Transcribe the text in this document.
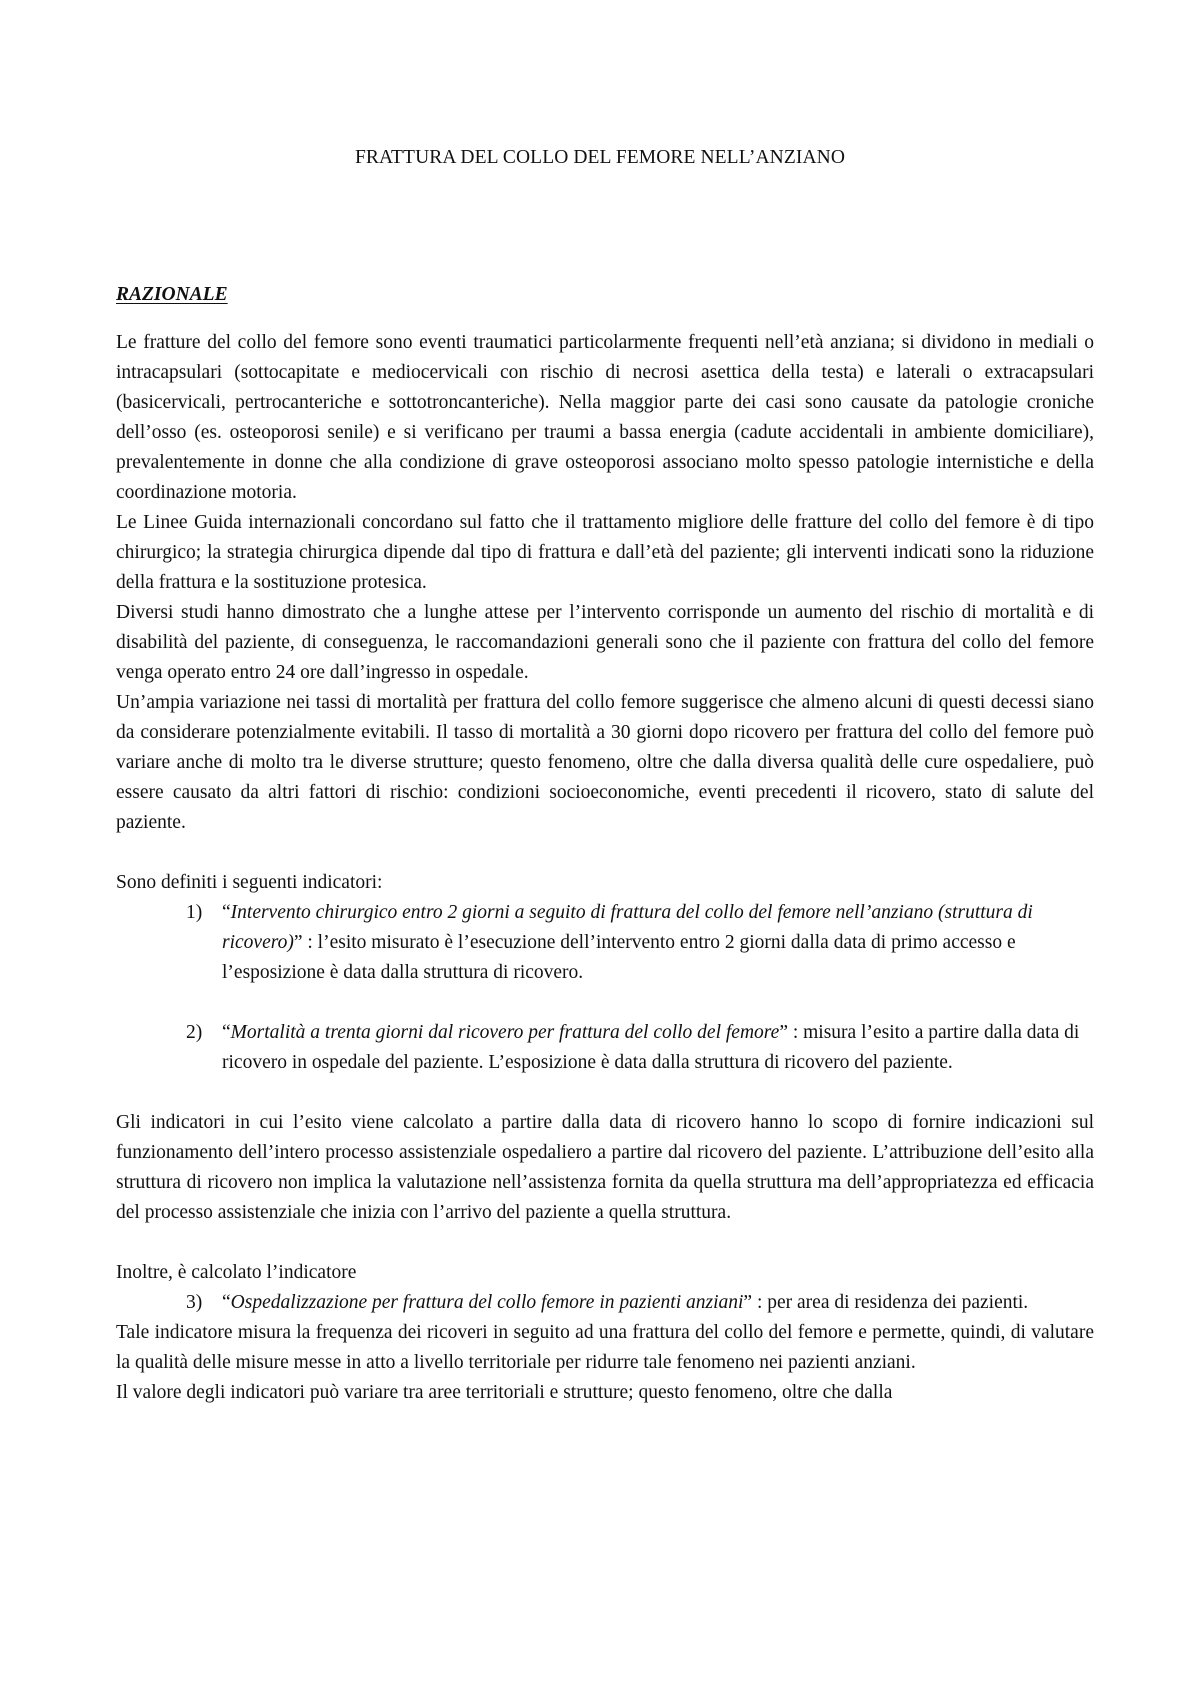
FRATTURA DEL COLLO DEL FEMORE NELL’ANZIANO
RAZIONALE

Le fratture del collo del femore sono eventi traumatici particolarmente frequenti nell’età anziana; si dividono in mediali o intracapsulari (sottocapitate e mediocervicali con rischio di necrosi asettica della testa) e laterali o extracapsulari (basicervicali, pertrocanteriche e sottotroncanteriche). Nella maggior parte dei casi sono causate da patologie croniche dell’osso (es. osteoporosi senile) e si verificano per traumi a bassa energia (cadute accidentali in ambiente domiciliare), prevalentemente in donne che alla condizione di grave osteoporosi associano molto spesso patologie internistiche e della coordinazione motoria.

Le Linee Guida internazionali concordano sul fatto che il trattamento migliore delle fratture del collo del femore è di tipo chirurgico; la strategia chirurgica dipende dal tipo di frattura e dall’età del paziente; gli interventi indicati sono la riduzione della frattura e la sostituzione protesica.

Diversi studi hanno dimostrato che a lunghe attese per l’intervento corrisponde un aumento del rischio di mortalità e di disabilità del paziente, di conseguenza, le raccomandazioni generali sono che il paziente con frattura del collo del femore venga operato entro 24 ore dall’ingresso in ospedale.

Un’ampia variazione nei tassi di mortalità per frattura del collo femore suggerisce che almeno alcuni di questi decessi siano da considerare potenzialmente evitabili. Il tasso di mortalità a 30 giorni dopo ricovero per frattura del collo del femore può variare anche di molto tra le diverse strutture; questo fenomeno, oltre che dalla diversa qualità delle cure ospedaliere, può essere causato da altri fattori di rischio: condizioni socioeconomiche, eventi precedenti il ricovero, stato di salute del paziente.

Sono definiti i seguenti indicatori:

1) “Intervento chirurgico entro 2 giorni a seguito di frattura del collo del femore nell’anziano (struttura di ricovero)” : l’esito misurato è l’esecuzione dell’intervento entro 2 giorni dalla data di primo accesso e l’esposizione è data dalla struttura di ricovero.

2) “Mortalità a trenta giorni dal ricovero per frattura del collo del femore” : misura l’esito a partire dalla data di ricovero in ospedale del paziente. L’esposizione è data dalla struttura di ricovero del paziente.

Gli indicatori in cui l’esito viene calcolato a partire dalla data di ricovero hanno lo scopo di fornire indicazioni sul funzionamento dell’intero processo assistenziale ospedaliero a partire dal ricovero del paziente. L’attribuzione dell’esito alla struttura di ricovero non implica la valutazione nell’assistenza fornita da quella struttura ma dell’appropriatezza ed efficacia del processo assistenziale che inizia con l’arrivo del paziente a quella struttura.

Inoltre, è calcolato l’indicatore

3) “Ospedalizzazione per frattura del collo femore in pazienti anziani” : per area di residenza dei pazienti.

Tale indicatore misura la frequenza dei ricoveri in seguito ad una frattura del collo del femore e permette, quindi, di valutare la qualità delle misure messe in atto a livello territoriale per ridurre tale fenomeno nei pazienti anziani.

Il valore degli indicatori può variare tra aree territoriali e strutture; questo fenomeno, oltre che dalla
